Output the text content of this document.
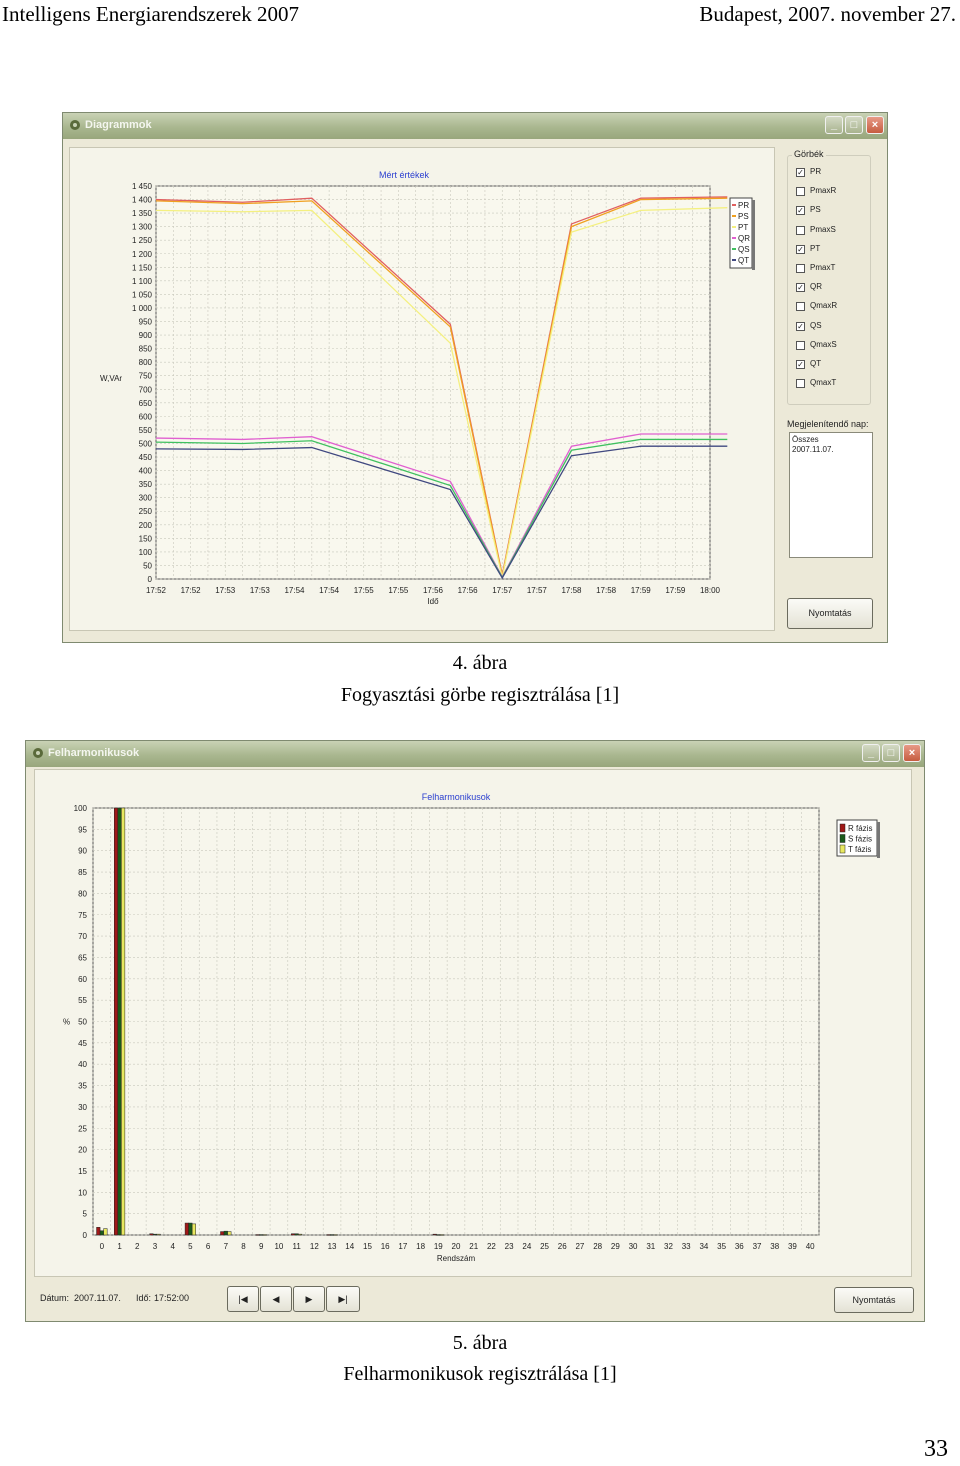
Intelligens Energiarendszerek 2007	Budapest, 2007. november 27.
Diagrammok	_	□	×
0
50
100
150
200
250
300
350
400
450
500
550
600
650
700
750
800
850
900
950
1 000
1 050
1 100
1 150
1 200
1 250
1 300
1 350
1 400
1 450
17:52 17:52 17:53 17:53 17:54 17:54 17:55 17:55 17:56 17:56 17:57 17:57 17:58 17:58 17:59 17:59 18:00
Idő
W,VAr
Mért értékek
PR
PS
PT
QR
QS
QT
Görbék
✓ PR
PmaxR
✓ PS
PmaxS
✓ PT
PmaxT
✓ QR
QmaxR
✓ QS
QmaxS
✓ QT
QmaxT
Megjelenítendő nap:
Összes
2007.11.07.
Nyomtatás
4. ábra
Fogyasztási görbe regisztrálása [1]
Felharmonikusok	_	□	×
0
5
10
15
20
25
30
35
40
45
50
55
60
65
70
75
80
85
90
95
100
0 1 2 3 4 5 6 7 8 9 10 11 12 13 14 15 16 17 18 19 20 21 22 23 24 25 26 27 28 29 30 31 32 33 34 35 36 37 38 39 40
Rendszám
%
Felharmonikusok
R fázis
S fázis
T fázis
Dátum: 2007.11.07. Idő: 17:52:00	|◀	◀	▶	▶|	Nyomtatás
5. ábra
Felharmonikusok regisztrálása [1]
33
